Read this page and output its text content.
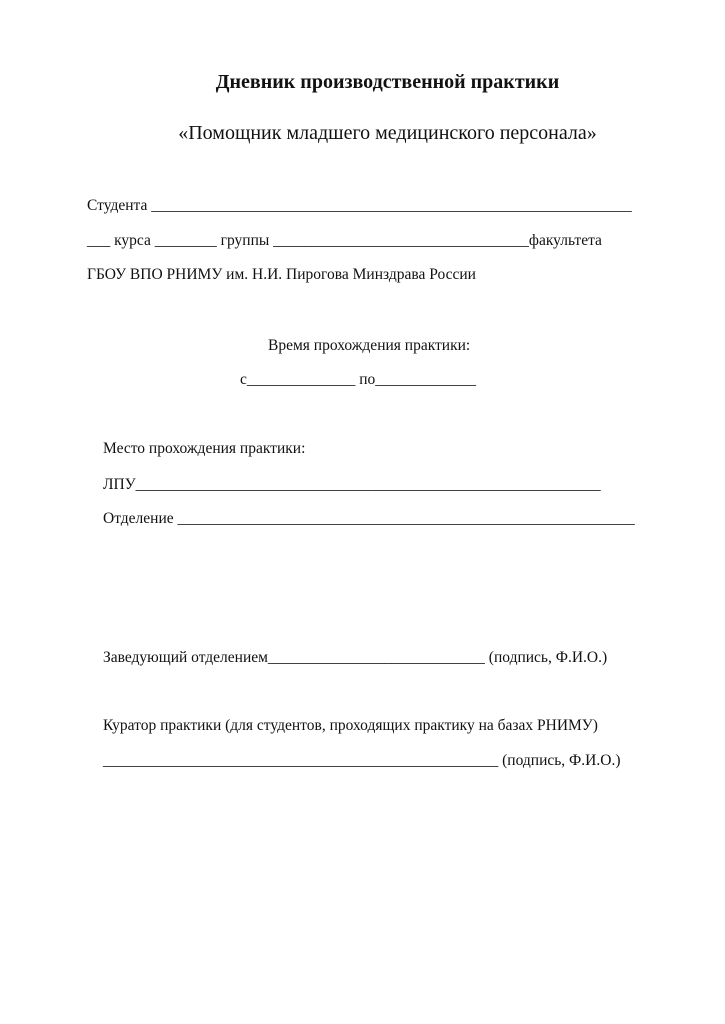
Дневник производственной практики
«Помощник младшего медицинского персонала»
Студента ______________________________________________________________
___ курса ________ группы _________________________________факультета
ГБОУ ВПО РНИМУ им. Н.И. Пирогова Минздрава России
Время прохождения практики:
с______________ по_____________
Место прохождения практики:
ЛПУ____________________________________________________________
Отделение ___________________________________________________________
Заведующий отделением____________________________ (подпись, Ф.И.О.)
Куратор практики (для студентов, проходящих практику на базах РНИМУ)
___________________________________________________ (подпись, Ф.И.О.)
